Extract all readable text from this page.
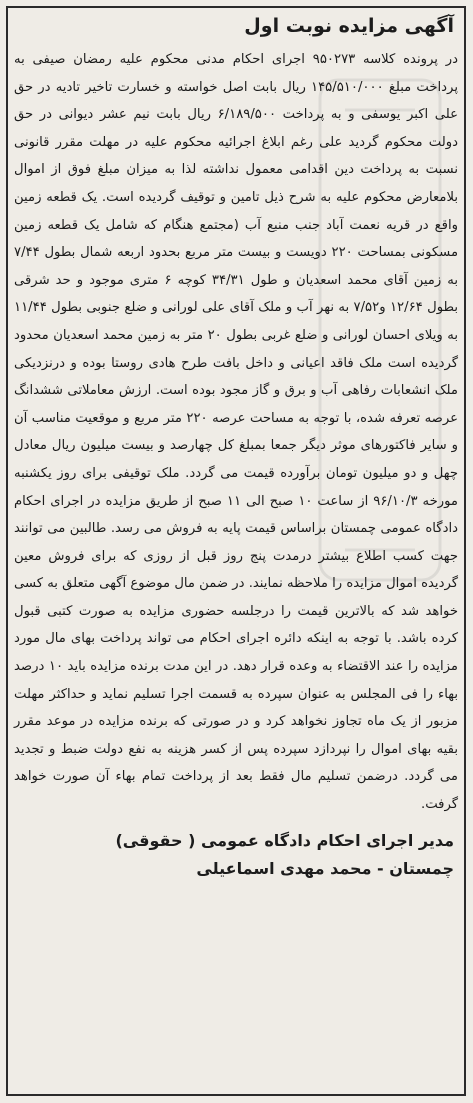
آگهی مزایده نوبت اول

در پرونده کلاسه ۹۵۰۲۷۳ اجرای احکام مدنی محکوم علیه رمضان صیفی به پرداخت مبلغ ۱۴۵/۵۱۰/۰۰۰ ریال بابت اصل خواسته و خسارت تاخیر تادیه در حق علی اکبر یوسفی و به پرداخت ۶/۱۸۹/۵۰۰ ریال بابت نیم عشر دیوانی در حق دولت محکوم گردید علی رغم ابلاغ اجرائیه محکوم علیه در مهلت مقرر قانونی نسبت به پرداخت دین اقدامی معمول نداشته لذا به میزان مبلغ فوق از اموال بلامعارض محکوم علیه به شرح ذیل تامین و توقیف گردیده است. یک قطعه زمین واقع در قریه نعمت آباد جنب منبع آب (مجتمع هنگام که شامل یک قطعه زمین مسکونی بمساحت ۲۲۰ دویست و بیست متر مربع بحدود اربعه شمال بطول ۷/۴۴ به زمین آقای محمد اسعدیان و طول ۳۴/۳۱ کوچه ۶ متری موجود و حد شرقی بطول ۱۲/۶۴ و۷/۵۲ به نهر آب و ملک آقای علی لورانی و ضلع جنوبی بطول ۱۱/۴۴ به ویلای احسان لورانی و ضلع غربی بطول ۲۰ متر به زمین محمد اسعدیان محدود گردیده است ملک فاقد اعیانی و داخل بافت طرح هادی روستا بوده و درنزدیکی ملک انشعابات رفاهی آب و برق و گاز مجود بوده است. ارزش معاملاتی ششدانگ عرصه تعرفه شده، با توجه به مساحت عرصه ۲۲۰ متر مربع و موقعیت مناسب آن و سایر فاکتورهای موثر دیگر جمعا بمبلغ کل چهارصد و بیست میلیون ریال معادل چهل و دو میلیون تومان برآورده قیمت می گردد. ملک توقیفی برای روز یکشنبه مورخه ۹۶/۱۰/۳ از ساعت ۱۰ صبح الی ۱۱ صبح از طریق مزایده در اجرای احکام دادگاه عمومی چمستان براساس قیمت پایه به فروش می رسد. طالبین می توانند جهت کسب اطلاع بیشتر درمدت پنج روز قبل از روزی که برای فروش معین گردیده اموال مزایده را ملاحظه نمایند. در ضمن مال موضوع آگهی متعلق به کسی خواهد شد که بالاترین قیمت را درجلسه حضوری مزایده به صورت کتبی قبول کرده باشد. با توجه به اینکه دائره اجرای احکام می تواند پرداخت بهای مال مورد مزایده را عند الاقتضاء به وعده قرار دهد. در این مدت برنده مزایده باید ۱۰ درصد بهاء را فی المجلس به عنوان سپرده به قسمت اجرا تسلیم نماید و حداکثر مهلت مزبور از یک ماه تجاوز نخواهد کرد و در صورتی که برنده مزایده در موعد مقرر بقیه بهای اموال را نپردازد سپرده پس از کسر هزینه به نفع دولت ضبط و تجدید می گردد. درضمن تسلیم مال فقط بعد از پرداخت تمام بهاء آن صورت خواهد گرفت.

مدیر اجرای احکام دادگاه عمومی ( حقوقی)
چمستان - محمد مهدی اسماعیلی
